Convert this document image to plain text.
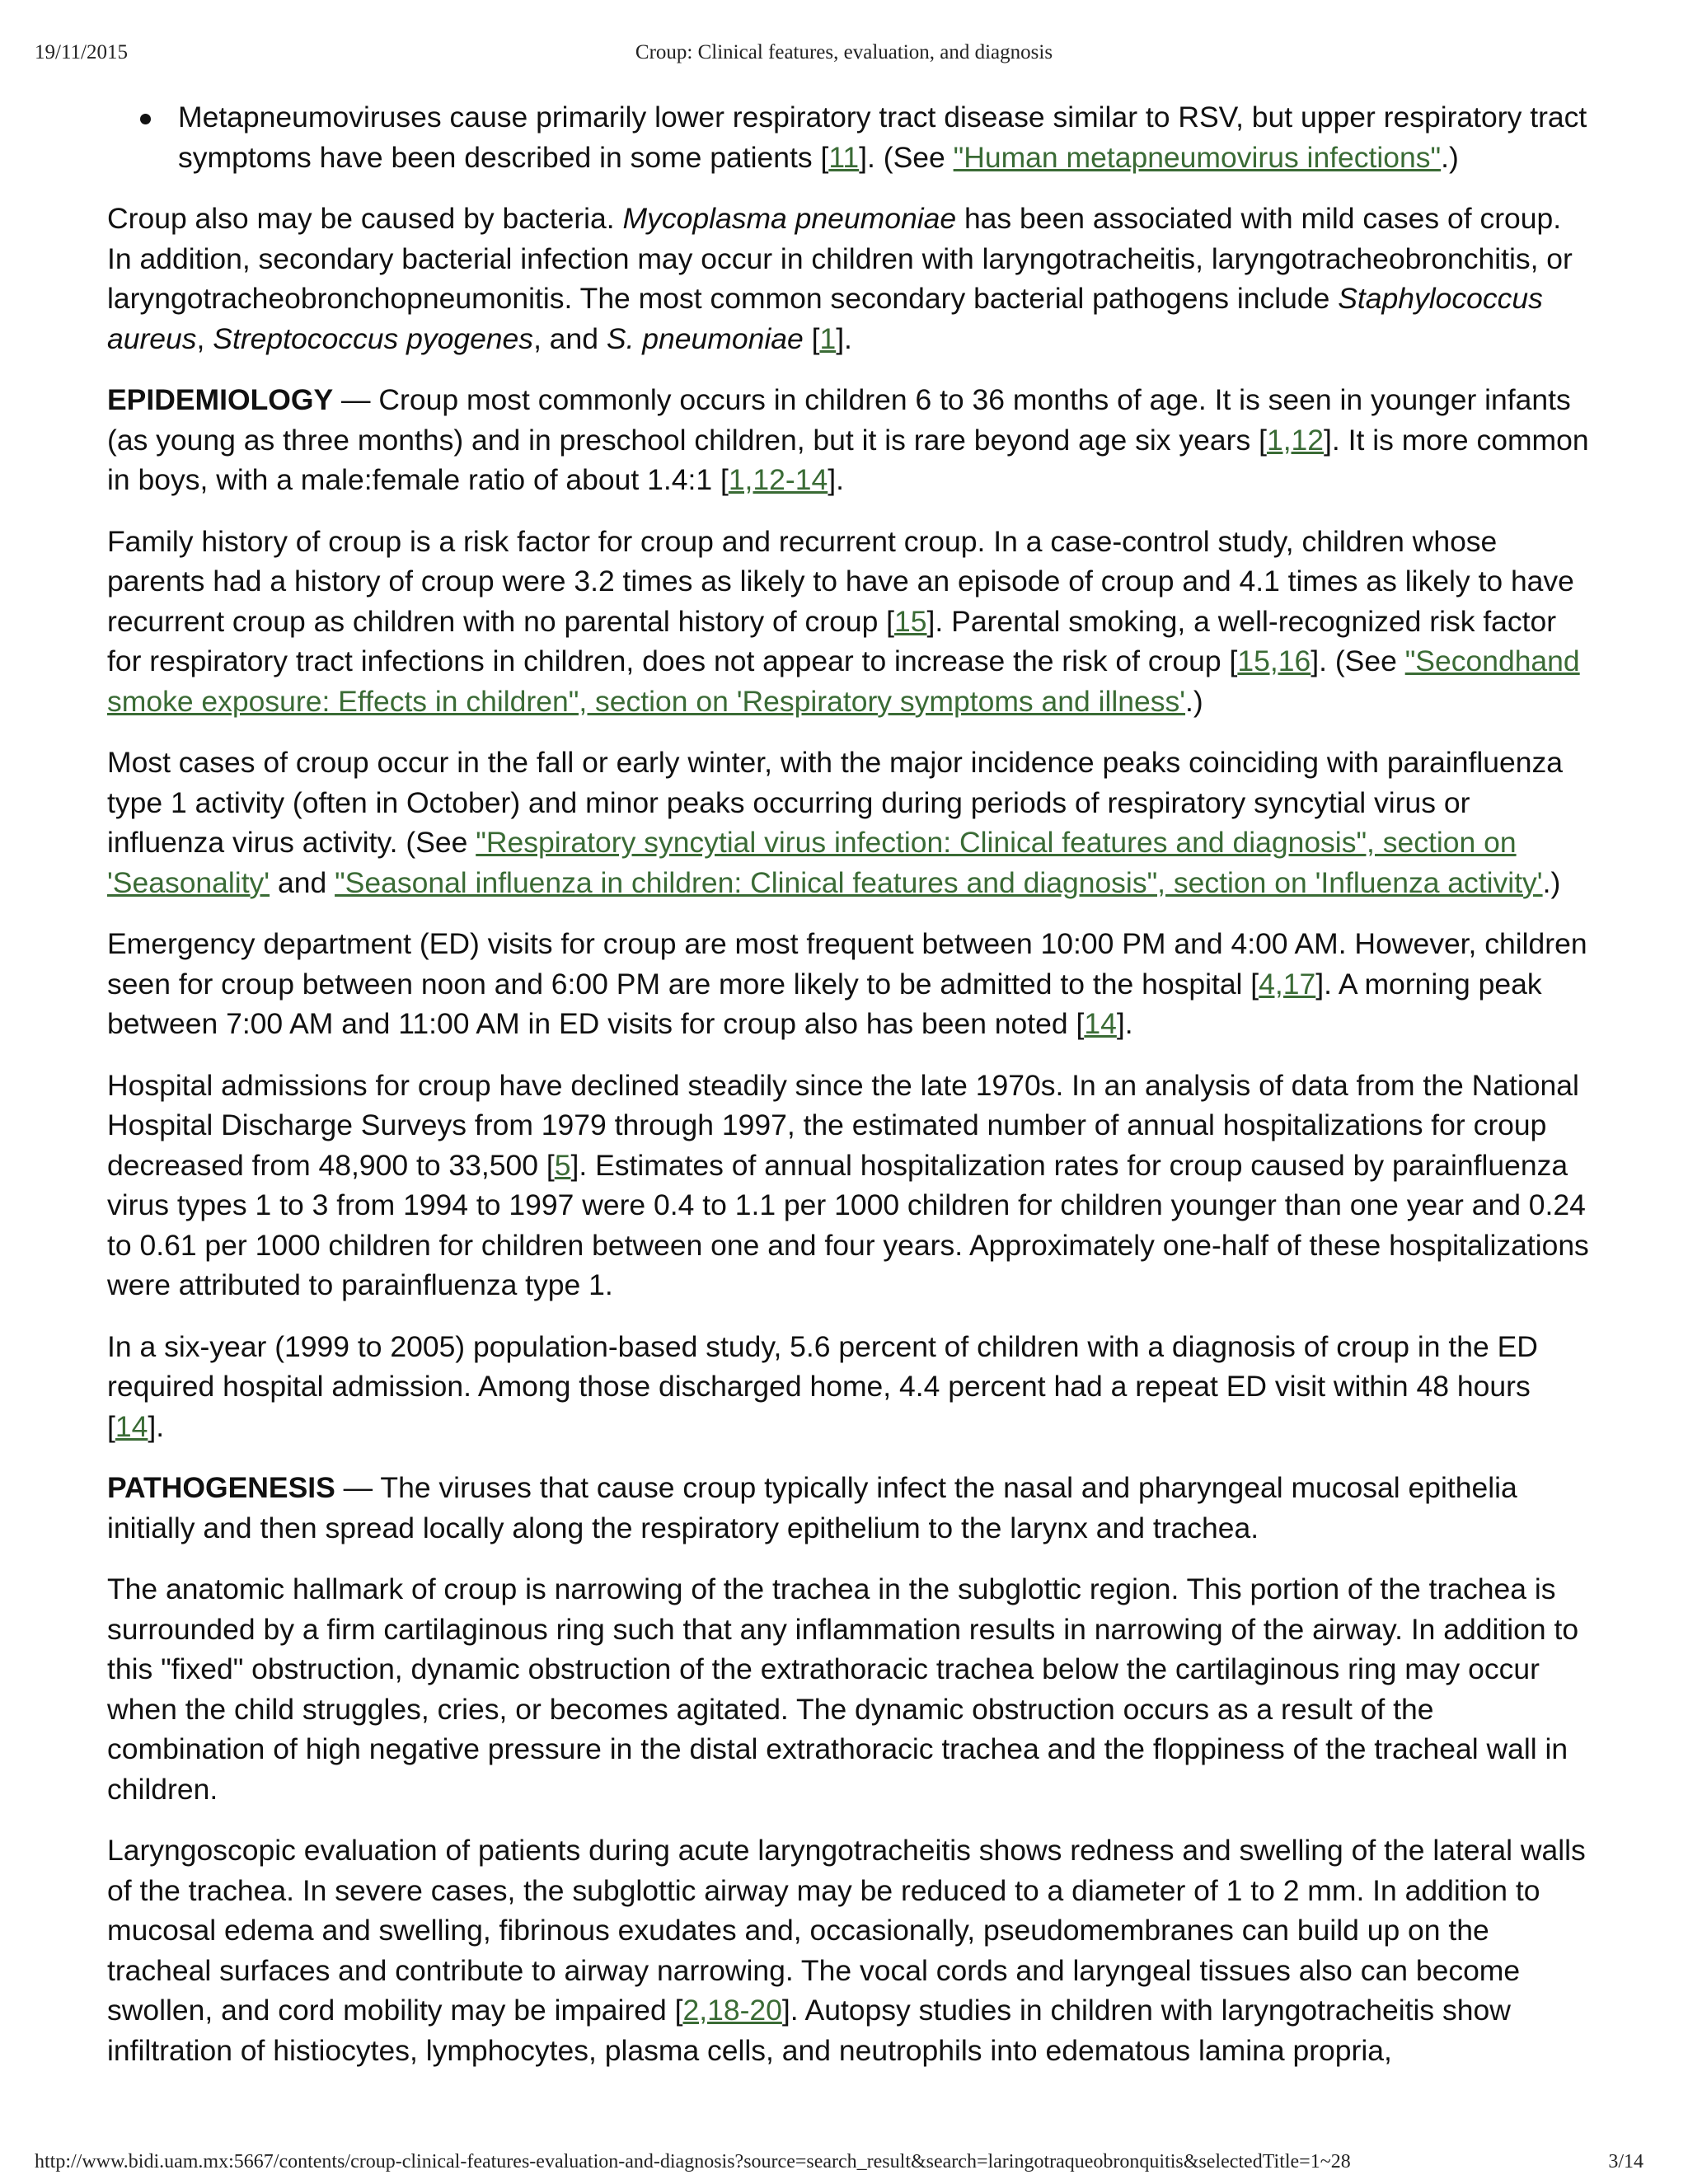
19/11/2015	Croup: Clinical features, evaluation, and diagnosis
Metapneumoviruses cause primarily lower respiratory tract disease similar to RSV, but upper respiratory tract symptoms have been described in some patients [11]. (See "Human metapneumovirus infections".)

Croup also may be caused by bacteria. Mycoplasma pneumoniae has been associated with mild cases of croup. In addition, secondary bacterial infection may occur in children with laryngotracheitis, laryngotracheobronchitis, or laryngotracheobronchopneumonitis. The most common secondary bacterial pathogens include Staphylococcus aureus, Streptococcus pyogenes, and S. pneumoniae [1].

EPIDEMIOLOGY — Croup most commonly occurs in children 6 to 36 months of age. It is seen in younger infants (as young as three months) and in preschool children, but it is rare beyond age six years [1,12]. It is more common in boys, with a male:female ratio of about 1.4:1 [1,12-14].

Family history of croup is a risk factor for croup and recurrent croup. In a case-control study, children whose parents had a history of croup were 3.2 times as likely to have an episode of croup and 4.1 times as likely to have recurrent croup as children with no parental history of croup [15]. Parental smoking, a well-recognized risk factor for respiratory tract infections in children, does not appear to increase the risk of croup [15,16]. (See "Secondhand smoke exposure: Effects in children", section on 'Respiratory symptoms and illness'.)

Most cases of croup occur in the fall or early winter, with the major incidence peaks coinciding with parainfluenza type 1 activity (often in October) and minor peaks occurring during periods of respiratory syncytial virus or influenza virus activity. (See "Respiratory syncytial virus infection: Clinical features and diagnosis", section on 'Seasonality' and "Seasonal influenza in children: Clinical features and diagnosis", section on 'Influenza activity'.)

Emergency department (ED) visits for croup are most frequent between 10:00 PM and 4:00 AM. However, children seen for croup between noon and 6:00 PM are more likely to be admitted to the hospital [4,17]. A morning peak between 7:00 AM and 11:00 AM in ED visits for croup also has been noted [14].

Hospital admissions for croup have declined steadily since the late 1970s. In an analysis of data from the National Hospital Discharge Surveys from 1979 through 1997, the estimated number of annual hospitalizations for croup decreased from 48,900 to 33,500 [5]. Estimates of annual hospitalization rates for croup caused by parainfluenza virus types 1 to 3 from 1994 to 1997 were 0.4 to 1.1 per 1000 children for children younger than one year and 0.24 to 0.61 per 1000 children for children between one and four years. Approximately one-half of these hospitalizations were attributed to parainfluenza type 1.

In a six-year (1999 to 2005) population-based study, 5.6 percent of children with a diagnosis of croup in the ED required hospital admission. Among those discharged home, 4.4 percent had a repeat ED visit within 48 hours [14].

PATHOGENESIS — The viruses that cause croup typically infect the nasal and pharyngeal mucosal epithelia initially and then spread locally along the respiratory epithelium to the larynx and trachea.

The anatomic hallmark of croup is narrowing of the trachea in the subglottic region. This portion of the trachea is surrounded by a firm cartilaginous ring such that any inflammation results in narrowing of the airway. In addition to this "fixed" obstruction, dynamic obstruction of the extrathoracic trachea below the cartilaginous ring may occur when the child struggles, cries, or becomes agitated. The dynamic obstruction occurs as a result of the combination of high negative pressure in the distal extrathoracic trachea and the floppiness of the tracheal wall in children.

Laryngoscopic evaluation of patients during acute laryngotracheitis shows redness and swelling of the lateral walls of the trachea. In severe cases, the subglottic airway may be reduced to a diameter of 1 to 2 mm. In addition to mucosal edema and swelling, fibrinous exudates and, occasionally, pseudomembranes can build up on the tracheal surfaces and contribute to airway narrowing. The vocal cords and laryngeal tissues also can become swollen, and cord mobility may be impaired [2,18-20]. Autopsy studies in children with laryngotracheitis show infiltration of histiocytes, lymphocytes, plasma cells, and neutrophils into edematous lamina propria,

http://www.bidi.uam.mx:5667/contents/croup-clinical-features-evaluation-and-diagnosis?source=search_result&search=laringotraqueobronquitis&selectedTitle=1~28	3/14
